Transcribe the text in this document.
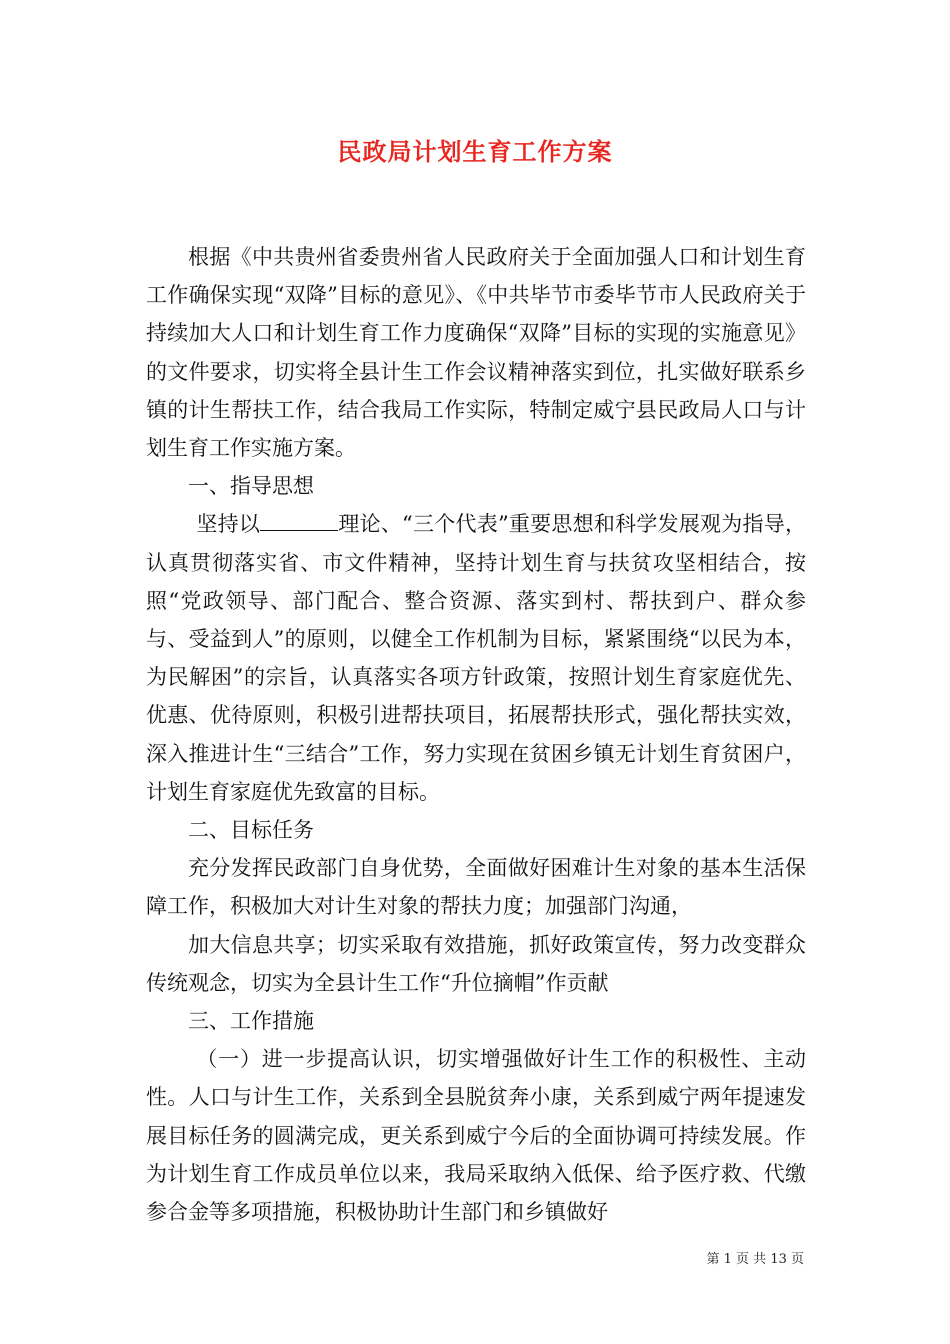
民政局计划生育工作方案

根据《中共贵州省委贵州省人民政府关于全面加强人口和计划生育工作确保实现“双降”目标的意见》、《中共毕节市委毕节市人民政府关于持续加大人口和计划生育工作力度确保“双降”目标的实现的实施意见》的文件要求，切实将全县计生工作会议精神落实到位，扎实做好联系乡镇的计生帮扶工作，结合我局工作实际，特制定威宁县民政局人口与计划生育工作实施方案。

一、指导思想

坚持以	理论、“三个代表”重要思想和科学发展观为指导，认真贯彻落实省、市文件精神，坚持计划生育与扶贫攻坚相结合，按照“党政领导、部门配合、整合资源、落实到村、帮扶到户、群众参与、受益到人”的原则，以健全工作机制为目标，紧紧围绕“以民为本，为民解困”的宗旨，认真落实各项方针政策，按照计划生育家庭优先、优惠、优待原则，积极引进帮扶项目，拓展帮扶形式，强化帮扶实效，深入推进计生“三结合”工作，努力实现在贫困乡镇无计划生育贫困户，计划生育家庭优先致富的目标。

二、目标任务

充分发挥民政部门自身优势，全面做好困难计生对象的基本生活保障工作，积极加大对计生对象的帮扶力度；加强部门沟通，

加大信息共享；切实采取有效措施，抓好政策宣传，努力改变群众传统观念，切实为全县计生工作“升位摘帽”作贡献

三、工作措施

（一）进一步提高认识，切实增强做好计生工作的积极性、主动性。人口与计生工作，关系到全县脱贫奔小康，关系到威宁两年提速发展目标任务的圆满完成，更关系到威宁今后的全面协调可持续发展。作为计划生育工作成员单位以来，我局采取纳入低保、给予医疗救、代缴参合金等多项措施，积极协助计生部门和乡镇做好

第 1 页 共 13 页
